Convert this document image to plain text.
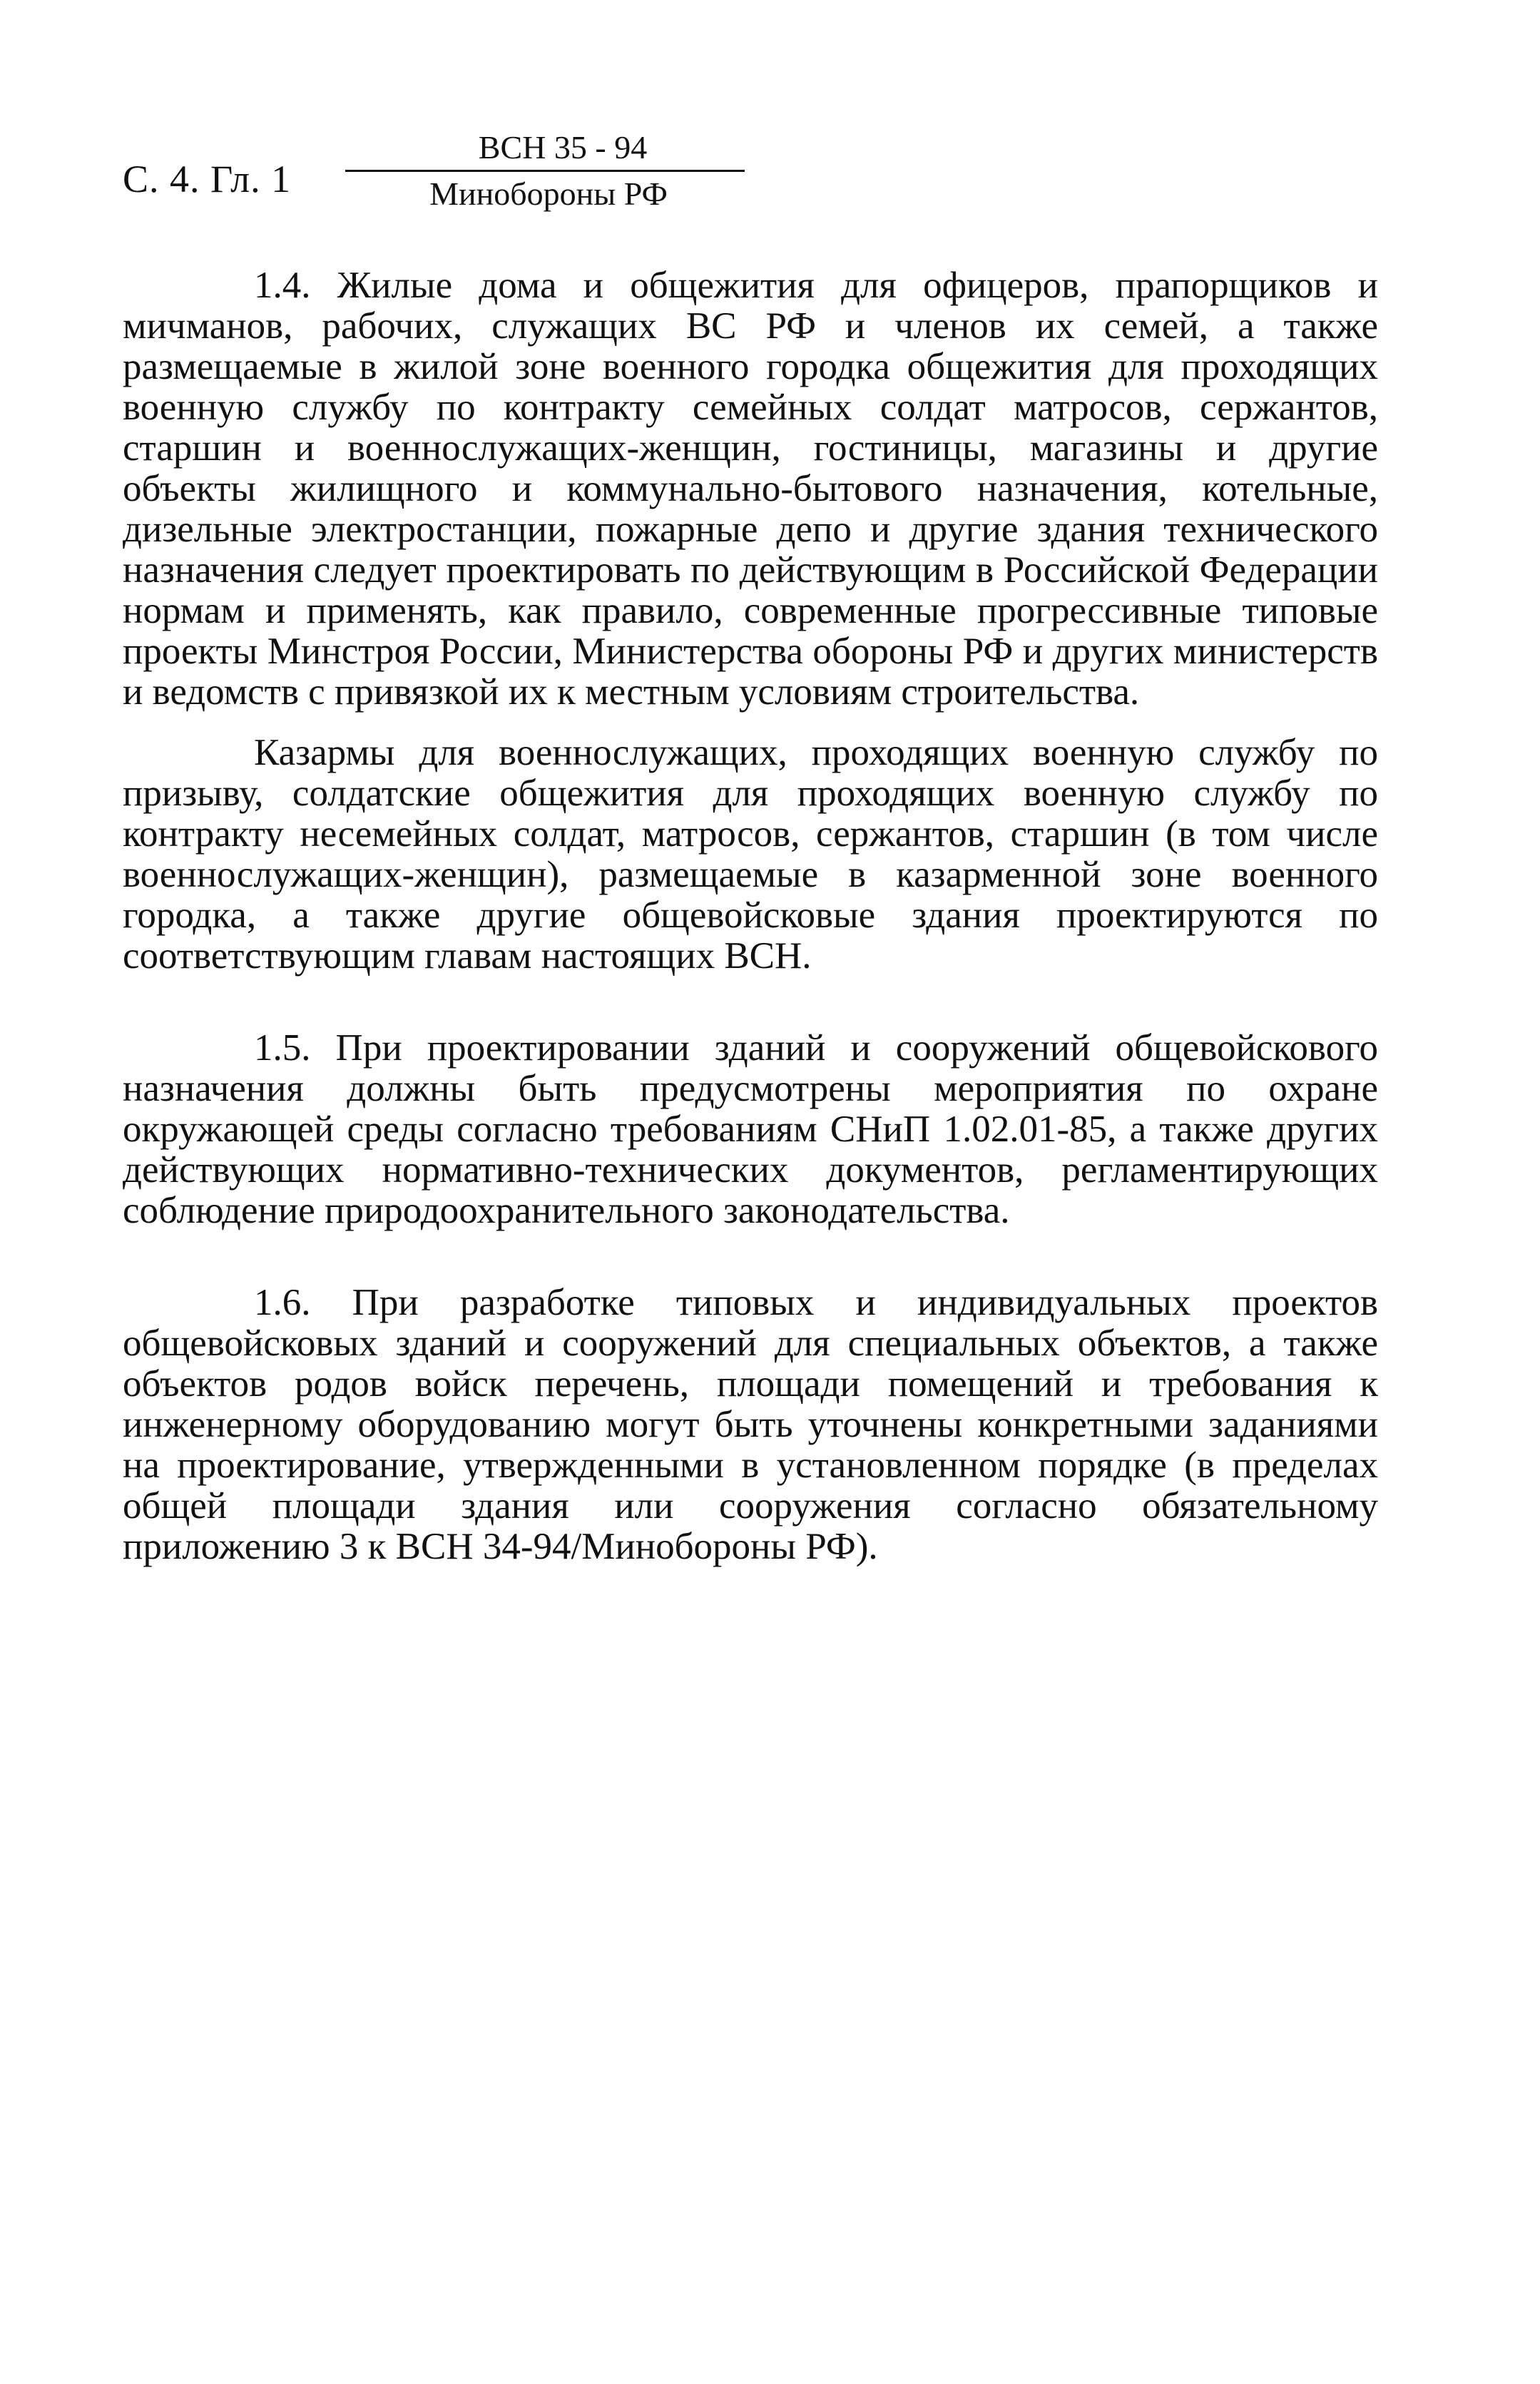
С. 4. Гл. 1
ВСН 35 - 94
Минобороны РФ

1.4. Жилые дома и общежития для офицеров, прапорщиков и мичманов, рабочих, служащих ВС РФ и членов их семей, а также размещаемые в жилой зоне военного городка общежития для проходящих военную службу по контракту семейных солдат матросов, сержантов, старшин и военнослужащих-женщин, гостиницы, магазины и другие объекты жилищного и коммунально-бытового назначения, котельные, дизельные электростанции, пожарные депо и другие здания технического назначения следует проектировать по действующим в Российской Федерации нормам и применять, как правило, современные прогрессивные типовые проекты Минстроя России, Министерства обороны РФ и других министерств и ведомств с привязкой их к местным условиям строительства.

Казармы для военнослужащих, проходящих военную службу по призыву, солдатские общежития для проходящих военную службу по контракту несемейных солдат, матросов, сержантов, старшин (в том числе военнослужащих-женщин), размещаемые в казарменной зоне военного городка, а также другие общевойсковые здания проектируются по соответствующим главам настоящих ВСН.

1.5. При проектировании зданий и сооружений общевойскового назначения должны быть предусмотрены мероприятия по охране окружающей среды согласно требованиям СНиП 1.02.01-85, а также других действующих нормативно-технических документов, регламентирующих соблюдение природоохранительного законодательства.

1.6. При разработке типовых и индивидуальных проектов общевойсковых зданий и сооружений для специальных объектов, а также объектов родов войск перечень, площади помещений и требования к инженерному оборудованию могут быть уточнены конкретными заданиями на проектирование, утвержденными в установленном порядке (в пределах общей площади здания или сооружения согласно обязательному приложению 3 к ВСН 34-94/Минобороны РФ).
